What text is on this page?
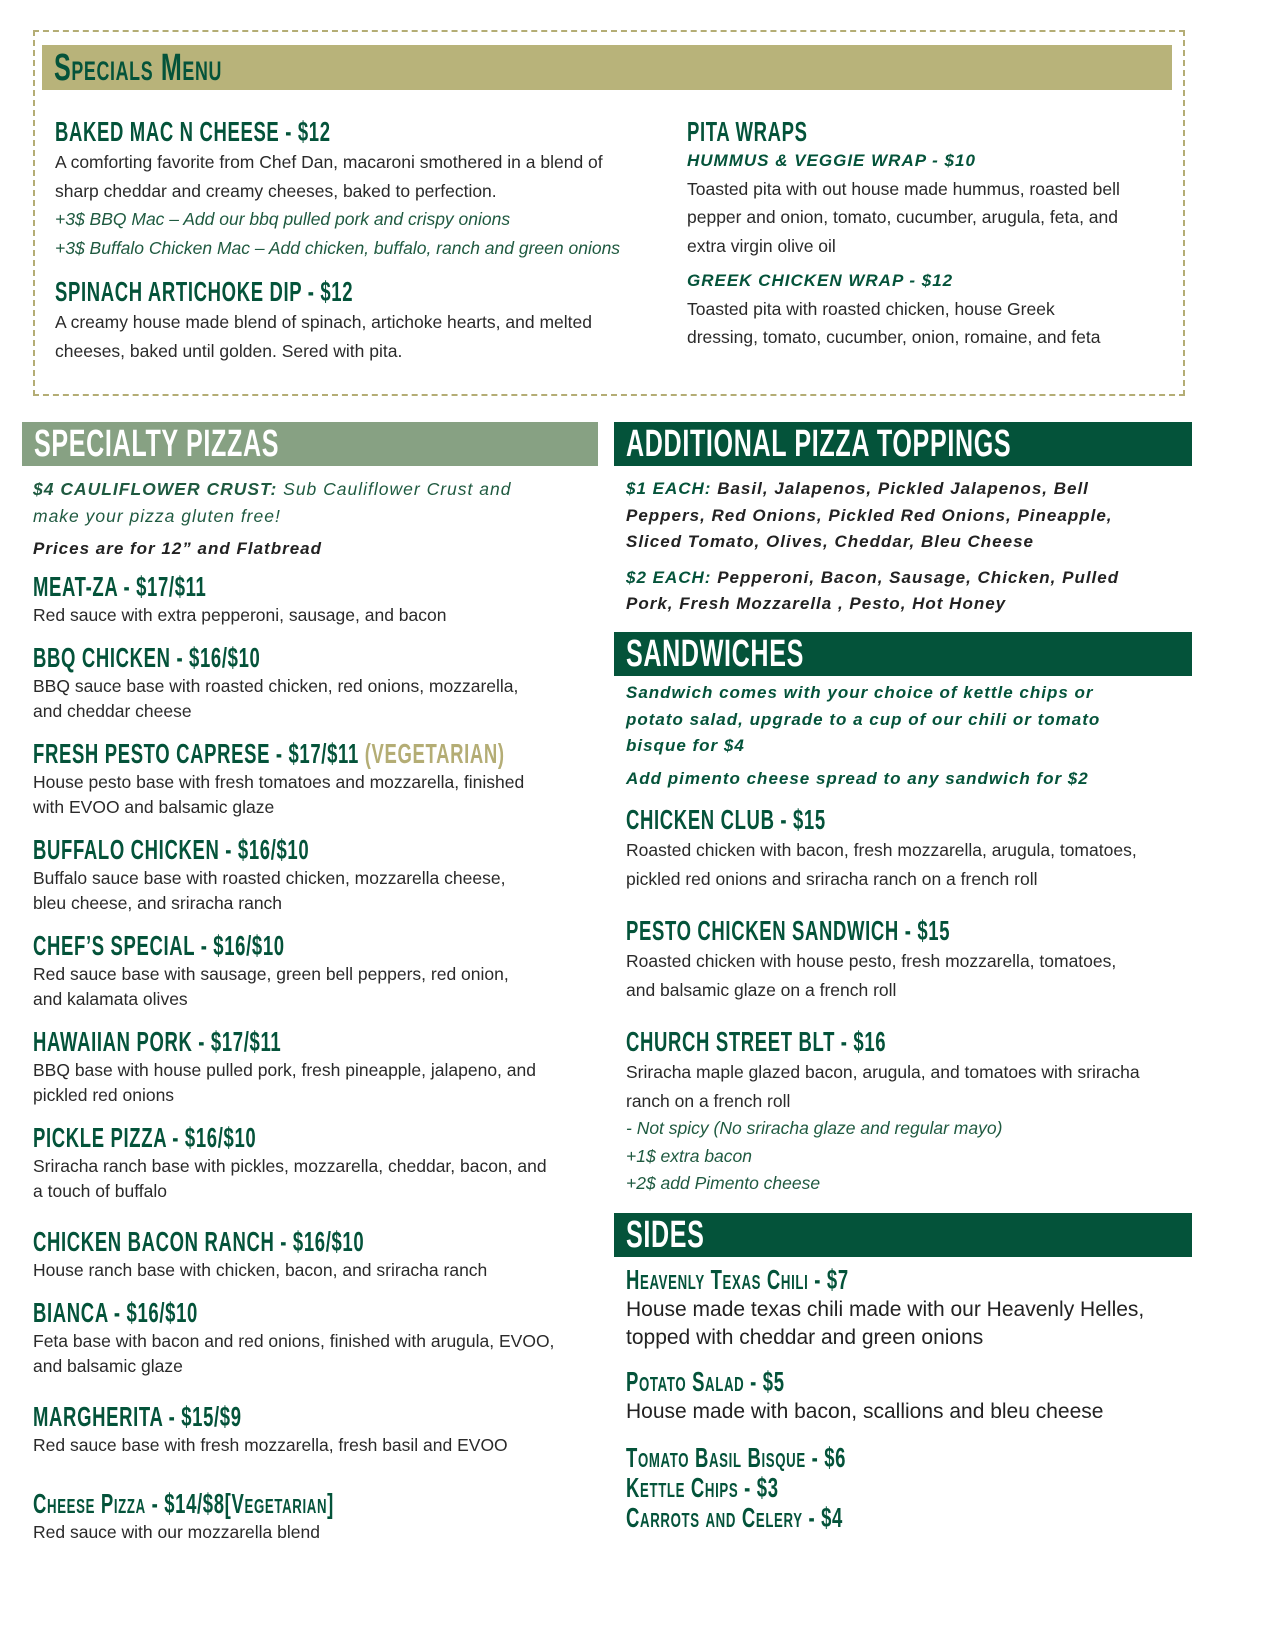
Specials Menu
BAKED MAC N CHEESE - $12
A comforting favorite from Chef Dan, macaroni smothered in a blend of
sharp cheddar and creamy cheeses, baked to perfection.
+3$ BBQ Mac – Add our bbq pulled pork and crispy onions
+3$ Buffalo Chicken Mac – Add chicken, buffalo, ranch and green onions
SPINACH ARTICHOKE DIP - $12
A creamy house made blend of spinach, artichoke hearts, and melted
cheeses, baked until golden. Sered with pita.
PITA WRAPS
HUMMUS & VEGGIE WRAP - $10
Toasted pita with out house made hummus, roasted bell
pepper and onion, tomato, cucumber, arugula, feta, and
extra virgin olive oil
GREEK CHICKEN WRAP - $12
Toasted pita with roasted chicken, house Greek
dressing, tomato, cucumber, onion, romaine, and feta
SPECIALTY PIZZAS
$4 CAULIFLOWER CRUST: Sub Cauliflower Crust and
make your pizza gluten free!
Prices are for 12” and Flatbread
MEAT-ZA - $17/$11
Red sauce with extra pepperoni, sausage, and bacon
BBQ CHICKEN - $16/$10
BBQ sauce base with roasted chicken, red onions, mozzarella,
and cheddar cheese
FRESH PESTO CAPRESE - $17/$11 (VEGETARIAN)
House pesto base with fresh tomatoes and mozzarella, finished
with EVOO and balsamic glaze
BUFFALO CHICKEN - $16/$10
Buffalo sauce base with roasted chicken, mozzarella cheese,
bleu cheese, and sriracha ranch
CHEF’S SPECIAL - $16/$10
Red sauce base with sausage, green bell peppers, red onion,
and kalamata olives
HAWAIIAN PORK - $17/$11
BBQ base with house pulled pork, fresh pineapple, jalapeno, and
pickled red onions
PICKLE PIZZA - $16/$10
Sriracha ranch base with pickles, mozzarella, cheddar, bacon, and
a touch of buffalo
CHICKEN BACON RANCH - $16/$10
House ranch base with chicken, bacon, and sriracha ranch
BIANCA - $16/$10
Feta base with bacon and red onions, finished with arugula, EVOO,
and balsamic glaze
MARGHERITA - $15/$9
Red sauce base with fresh mozzarella, fresh basil and EVOO
Cheese Pizza - $14/$8[Vegetarian]
Red sauce with our mozzarella blend
ADDITIONAL PIZZA TOPPINGS
$1 EACH: Basil, Jalapenos, Pickled Jalapenos, Bell
Peppers, Red Onions, Pickled Red Onions, Pineapple,
Sliced Tomato, Olives, Cheddar, Bleu Cheese
$2 EACH: Pepperoni, Bacon, Sausage, Chicken, Pulled
Pork, Fresh Mozzarella , Pesto, Hot Honey
SANDWICHES
Sandwich comes with your choice of kettle chips or
potato salad, upgrade to a cup of our chili or tomato
bisque for $4
Add pimento cheese spread to any sandwich for $2
CHICKEN CLUB - $15
Roasted chicken with bacon, fresh mozzarella, arugula, tomatoes,
pickled red onions and sriracha ranch on a french roll
PESTO CHICKEN SANDWICH - $15
Roasted chicken with house pesto, fresh mozzarella, tomatoes,
and balsamic glaze on a french roll
CHURCH STREET BLT - $16
Sriracha maple glazed bacon, arugula, and tomatoes with sriracha
ranch on a french roll
- Not spicy (No sriracha glaze and regular mayo)
+1$ extra bacon
+2$ add Pimento cheese
SIDES
Heavenly Texas Chili - $7
House made texas chili made with our Heavenly Helles,
topped with cheddar and green onions
Potato Salad - $5
House made with bacon, scallions and bleu cheese
Tomato Basil Bisque - $6
Kettle Chips - $3
Carrots and Celery - $4
